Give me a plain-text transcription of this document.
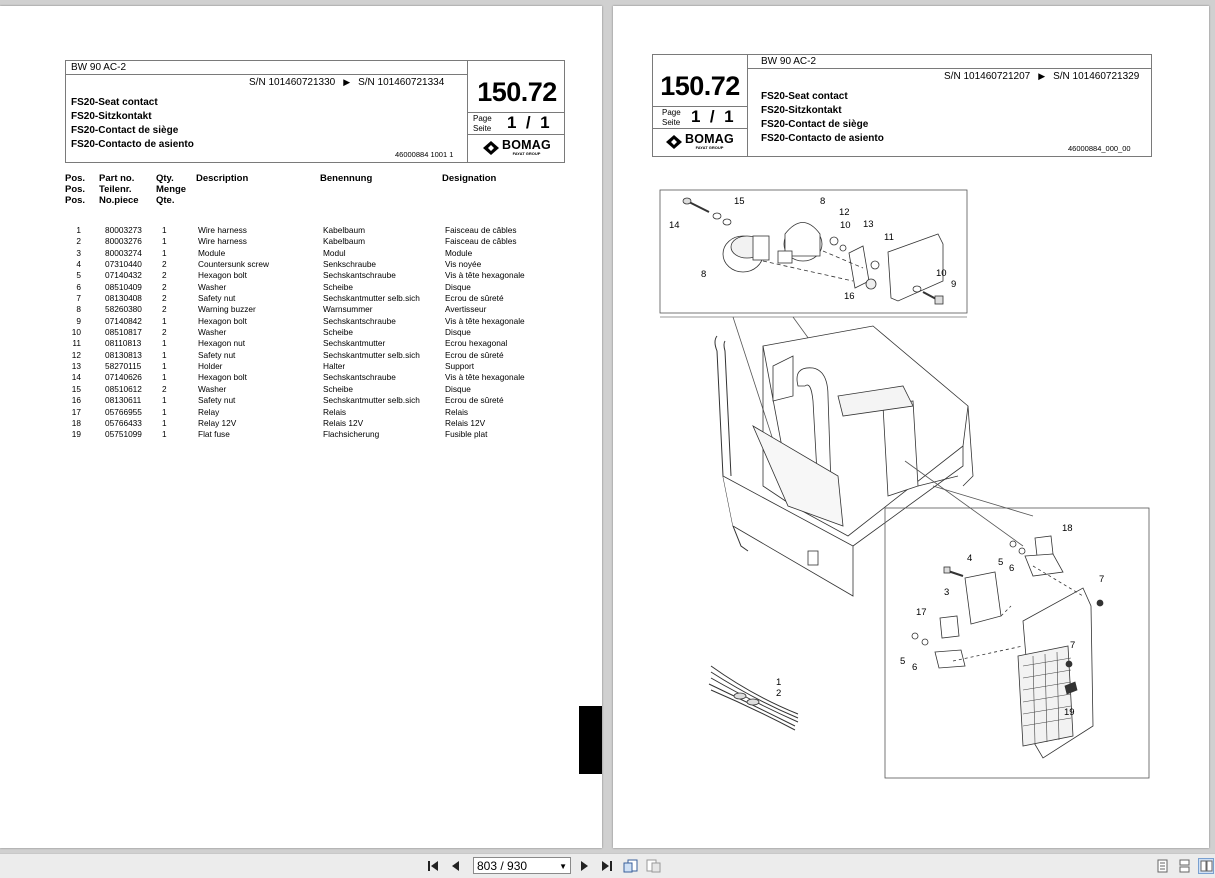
BW 90 AC-2
S/N 101460721330 ▶ S/N 101460721334
FS20-Seat contact
FS20-Sitzkontakt
FS20-Contact de siège
FS20-Contacto de asiento
46000884 1001 1
150.72
Page
Seite 1  /  1
BOMAG
FAYAT GROUP
Pos.
Pos.
Pos.
Part no.
Teilenr.
No.piece
Qty.
Menge
Qte.
Description	Benennung	Designation
1	80003273 1	Wire harness	Kabelbaum	Faisceau de câbles
2	80003276 1	Wire harness	Kabelbaum	Faisceau de câbles
3	80003274 1	Module	Modul	Module
4	07310440 2	Countersunk screw	Senkschraube	Vis noyée
5	07140432 2	Hexagon bolt	Sechskantschraube	Vis à tête hexagonale
6	08510409 2	Washer	Scheibe	Disque
7	08130408 2	Safety nut	Sechskantmutter selb.sich	Ecrou de sûreté
8	58260380 2	Warning buzzer	Warnsummer	Avertisseur
9	07140842 1	Hexagon bolt	Sechskantschraube	Vis à tête hexagonale
10	08510817 2	Washer	Scheibe	Disque
11	08110813 1	Hexagon nut	Sechskantmutter	Ecrou hexagonal
12	08130813 1	Safety nut	Sechskantmutter selb.sich	Ecrou de sûreté
13	58270115 1	Holder	Halter	Support
14	07140626 1	Hexagon bolt	Sechskantschraube	Vis à tête hexagonale
15	08510612 2	Washer	Scheibe	Disque
16	08130611 1	Safety nut	Sechskantmutter selb.sich	Ecrou de sûreté
17	05766955 1	Relay	Relais	Relais
18	05766433 1	Relay 12V	Relais 12V	Relais 12V
19	05751099 1	Flat fuse	Flachsicherung	Fusible plat
BW 90 AC-2
S/N 101460721207 ▶ S/N 101460721329
FS20-Seat contact
FS20-Sitzkontakt
FS20-Contact de siège
FS20-Contacto de asiento
46000884_000_00
150.72
Page
Seite 1  /  1
BOMAG
FAYAT GROUP
1
2
3
4	5
6
7
8
9
10
11
12
13
14
15
16
17
18
19
8
10
5
6
7
803 / 930	▼
